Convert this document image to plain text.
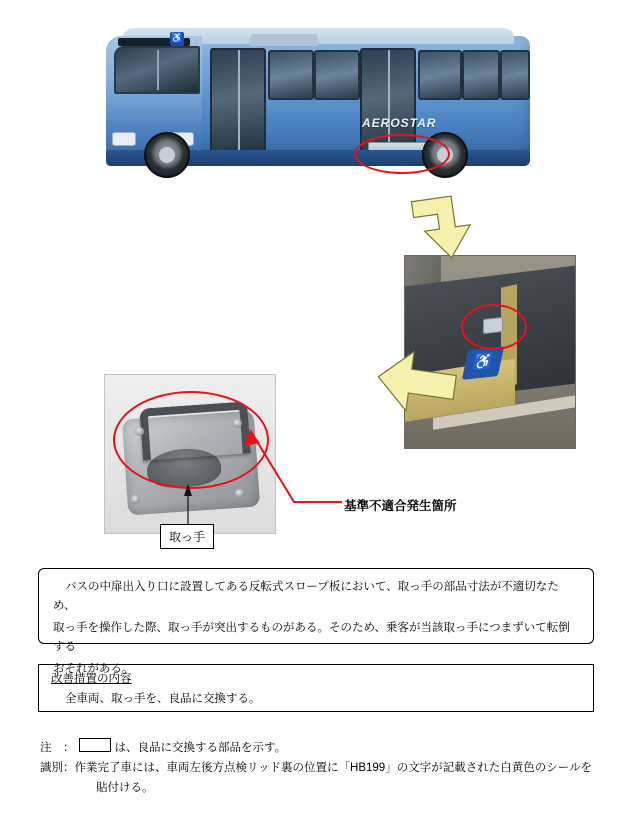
♿
AEROSTAR
♿
基準不適合発生箇所
取っ手

バスの中扉出入り口に設置してある反転式スロープ板において、取っ手の部品寸法が不適切なため、

取っ手を操作した際、取っ手が突出するものがある。そのため、乗客が当該取っ手につまずいて転倒する

おそれがある。

改善措置の内容

全車両、取っ手を、良品に交換する。

注　：	は、良品に交換する部品を示す。
識別： 作業完了車には、車両左後方点検リッド裏の位置に「HB199」の文字が記載された白黄色のシールを
貼付ける。
